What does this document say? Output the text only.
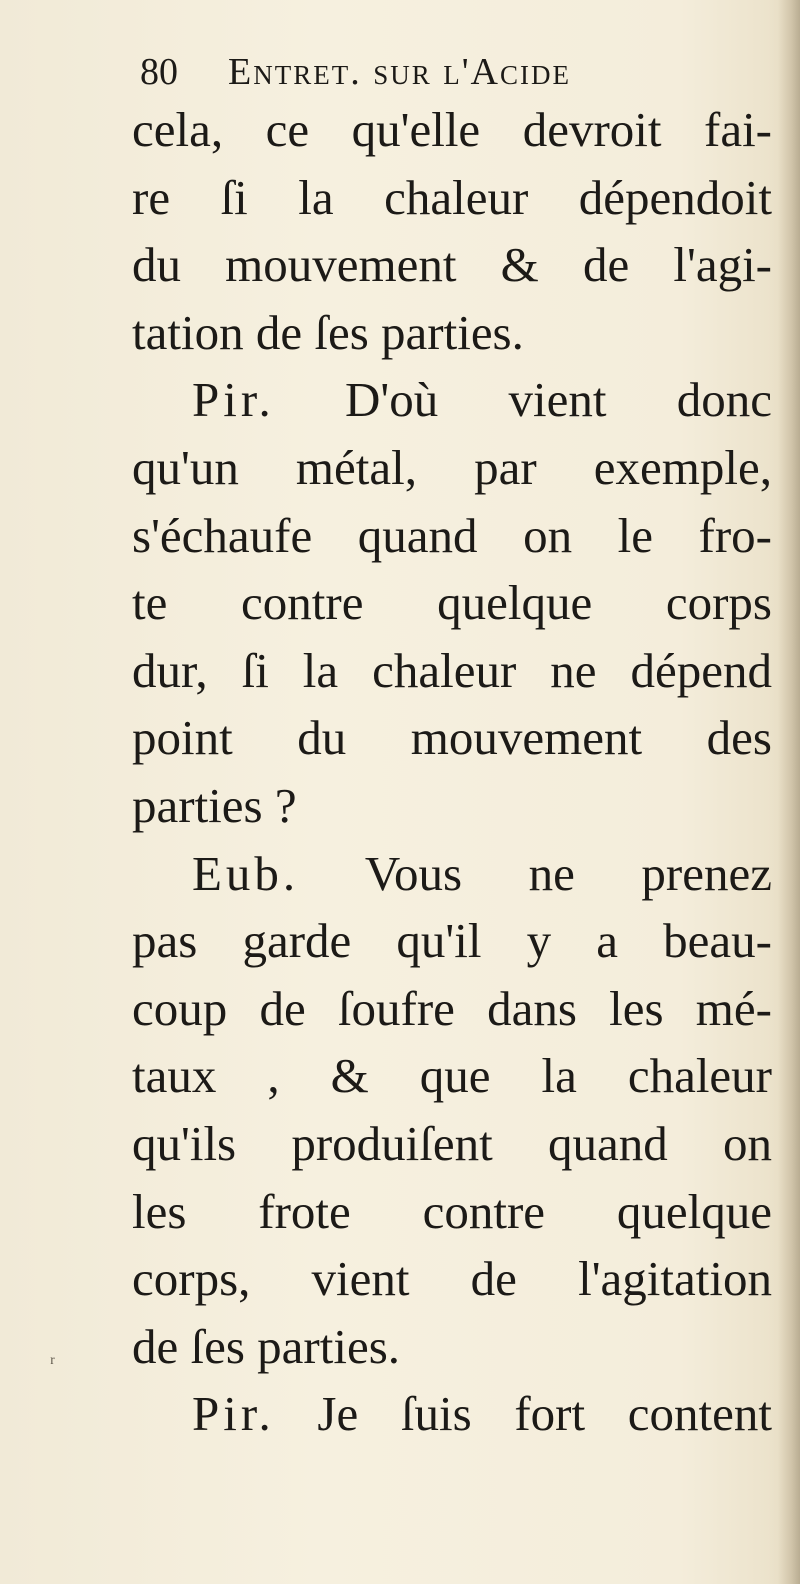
80 Entret. sur l'Acide
cela, ce qu'elle devroit fai-
re ſi la chaleur dépendoit
du mouvement & de l'agi-
tation de ſes parties.
Pir. D'où vient donc
qu'un métal, par exemple,
s'échaufe quand on le fro-
te contre quelque corps
dur, ſi la chaleur ne dépend
point du mouvement des
parties ?
Eub. Vous ne prenez
pas garde qu'il y a beau-
coup de ſoufre dans les mé-
taux , & que la chaleur
qu'ils produiſent quand on
les frote contre quelque
corps, vient de l'agitation
de ſes parties.
Pir. Je ſuis fort content
ʳ
